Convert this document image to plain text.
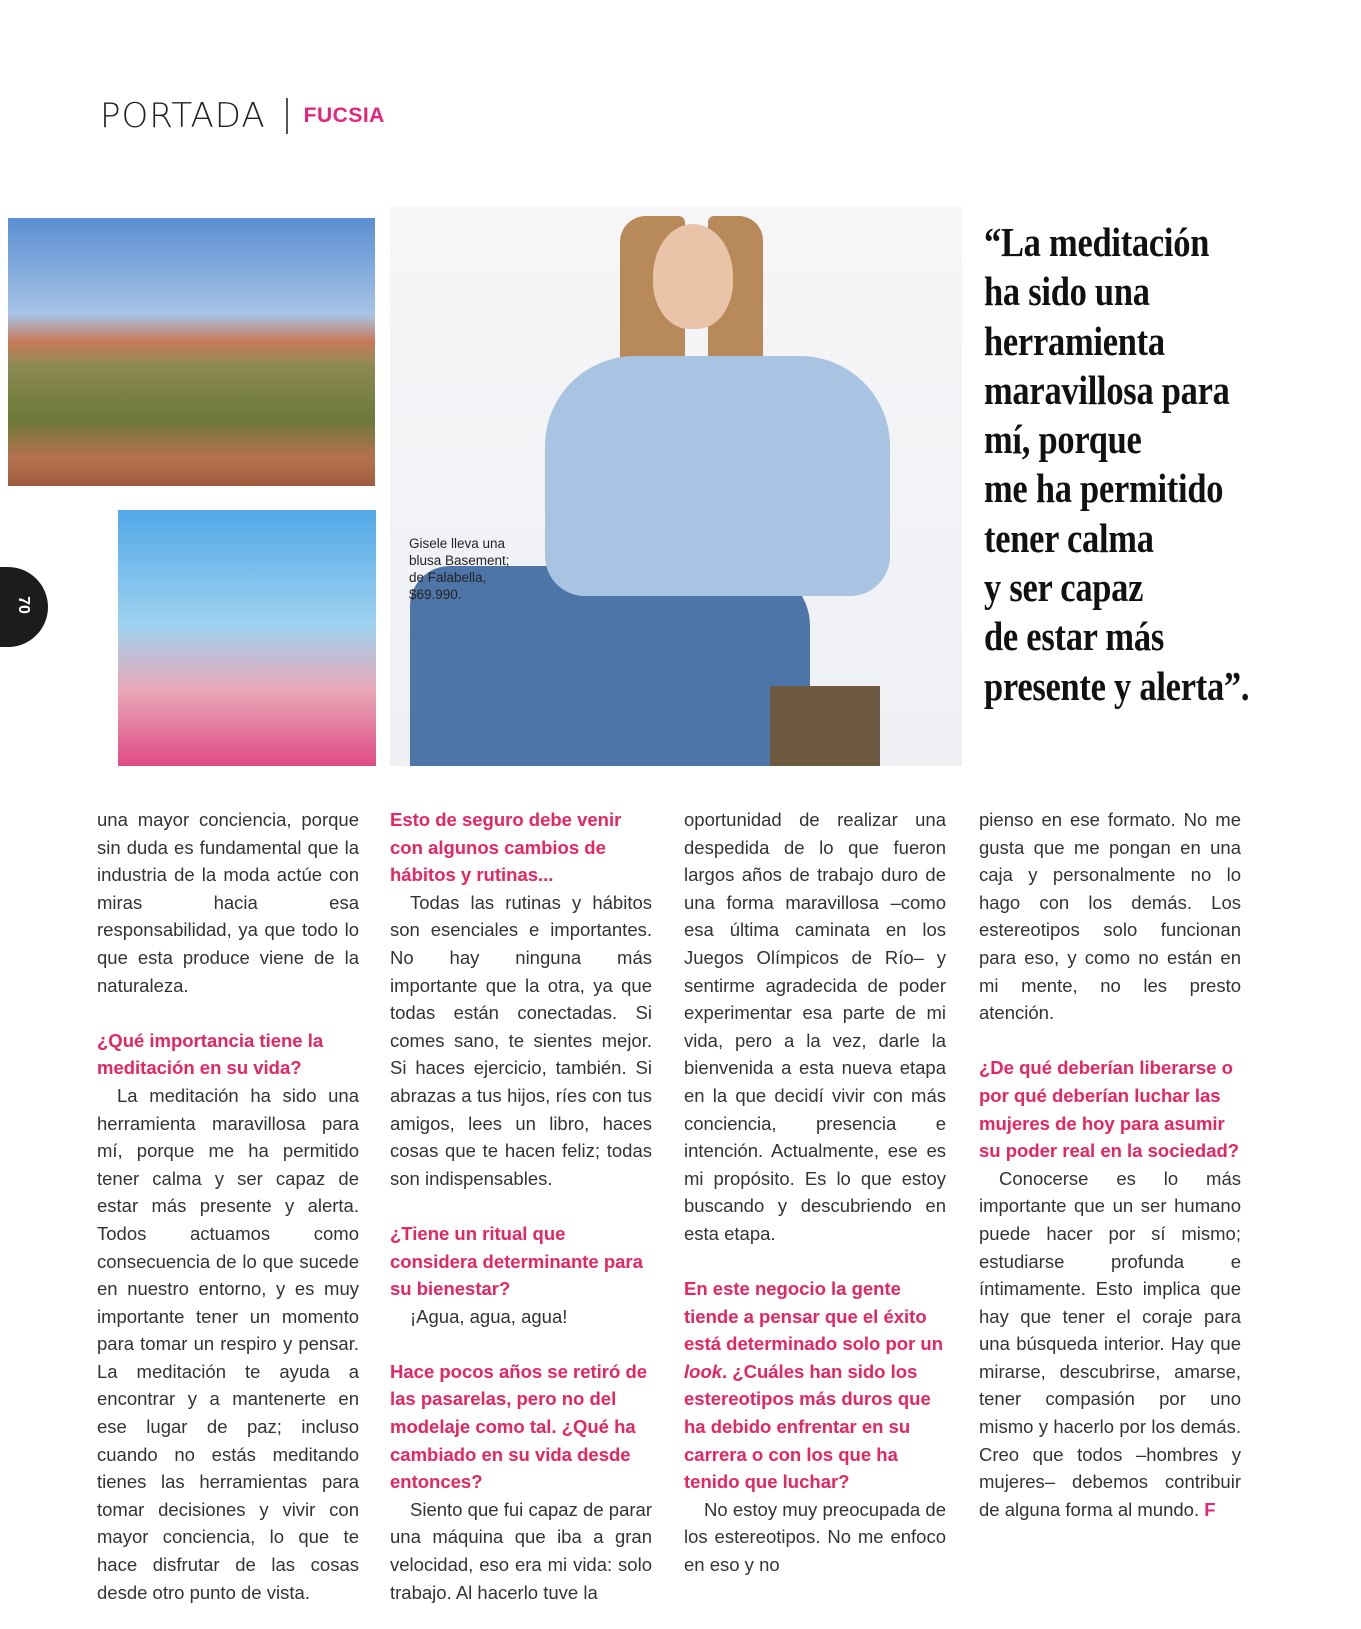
PORTADA FUCSIA
Gisele lleva una
blusa Basement;
de Falabella,
$69.990.
“La meditación
ha sido una
herramienta
maravillosa para
mí, porque
me ha permitido
tener calma
y ser capaz
de estar más
presente y alerta”.
70

una mayor conciencia, porque sin duda es fundamental que la industria de la moda actúe con miras hacia esa responsabilidad, ya que todo lo que esta produce viene de la naturaleza.

¿Qué importancia tiene la meditación en su vida?

La meditación ha sido una herramienta maravillosa para mí, porque me ha permitido tener calma y ser capaz de estar más presente y alerta. Todos actuamos como consecuencia de lo que sucede en nuestro entorno, y es muy importante tener un momento para tomar un respiro y pensar. La meditación te ayuda a encontrar y a mantenerte en ese lugar de paz; incluso cuando no estás meditando tienes las herramientas para tomar decisiones y vivir con mayor conciencia, lo que te hace disfrutar de las cosas desde otro punto de vista.

Esto de seguro debe venir con algunos cambios de hábitos y rutinas...

Todas las rutinas y hábitos son esenciales e importantes. No hay ninguna más importante que la otra, ya que todas están conectadas. Si comes sano, te sientes mejor. Si haces ejercicio, también. Si abrazas a tus hijos, ríes con tus amigos, lees un libro, haces cosas que te hacen feliz; todas son indispensables.

¿Tiene un ritual que considera determinante para su bienestar?

¡Agua, agua, agua!

Hace pocos años se retiró de las pasarelas, pero no del modelaje como tal. ¿Qué ha cambiado en su vida desde entonces?

Siento que fui capaz de parar una máquina que iba a gran velocidad, eso era mi vida: solo trabajo. Al hacerlo tuve la

oportunidad de realizar una despedida de lo que fueron largos años de trabajo duro de una forma maravillosa –como esa última caminata en los Juegos Olímpicos de Río– y sentirme agradecida de poder experimentar esa parte de mi vida, pero a la vez, darle la bienvenida a esta nueva etapa en la que decidí vivir con más conciencia, presencia e intención. Actualmente, ese es mi propósito. Es lo que estoy buscando y descubriendo en esta etapa.

En este negocio la gente tiende a pensar que el éxito está determinado solo por un look. ¿Cuáles han sido los estereotipos más duros que ha debido enfrentar en su carrera o con los que ha tenido que luchar?

No estoy muy preocupada de los estereotipos. No me enfoco en eso y no

pienso en ese formato. No me gusta que me pongan en una caja y personalmente no lo hago con los demás. Los estereotipos solo funcionan para eso, y como no están en mi mente, no les presto atención.

¿De qué deberían liberarse o por qué deberían luchar las mujeres de hoy para asumir su poder real en la sociedad?

Conocerse es lo más importante que un ser humano puede hacer por sí mismo; estudiarse profunda e íntimamente. Esto implica que hay que tener el coraje para una búsqueda interior. Hay que mirarse, descubrirse, amarse, tener compasión por uno mismo y hacerlo por los demás. Creo que todos –hombres y mujeres– debemos contribuir de alguna forma al mundo. F
